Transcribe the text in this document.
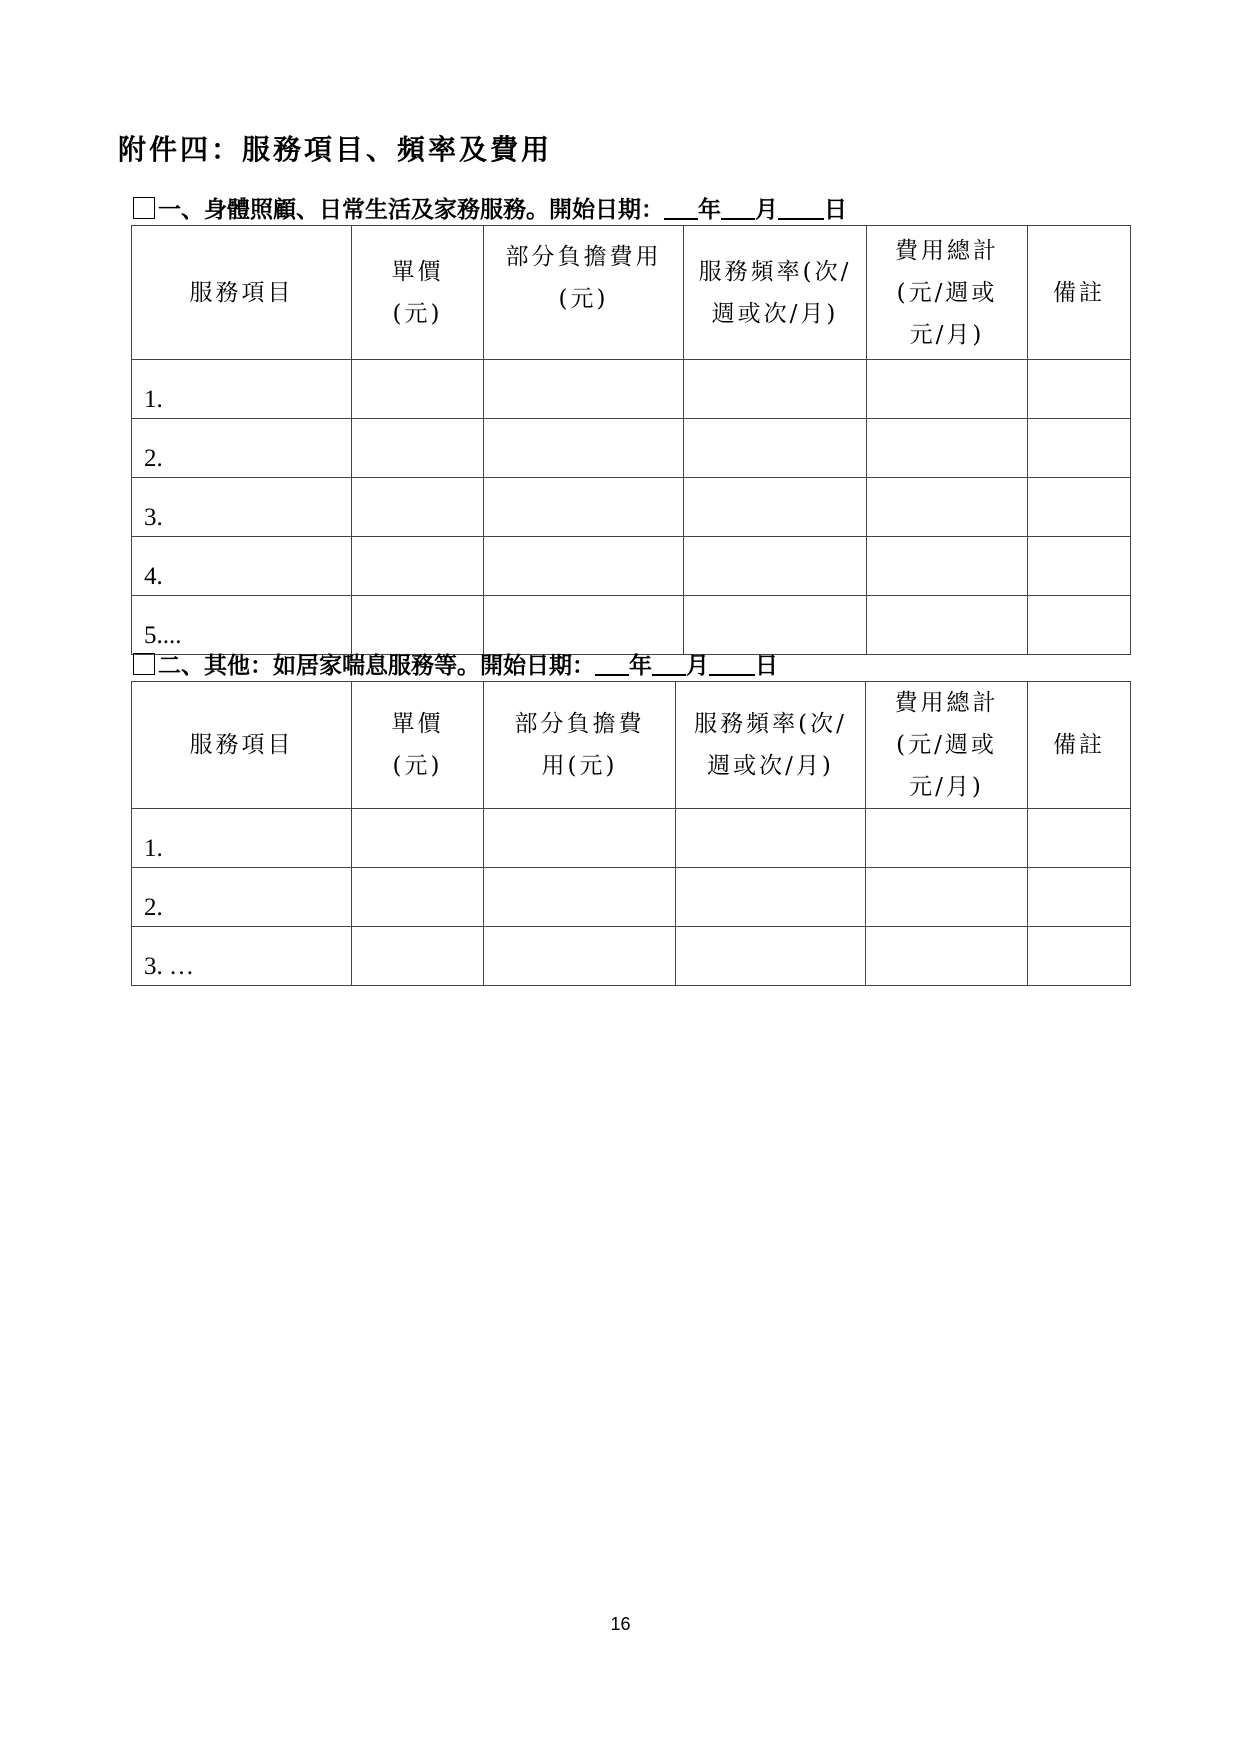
附件四：服務項目、頻率及費用
一、身體照顧、日常生活及家務服務。開始日期： 年 月 日
服務項目	單價(元)	部分負擔費用(元)	服務頻率(次/週或次/月)	費用總計(元/週或元/月)	備註
1.					
2.					
3.					
4.					
5....					
二、其他：如居家喘息服務等。開始日期： 年 月 日
服務項目	單價(元)	部分負擔費用(元)	服務頻率(次/週或次/月)	費用總計(元/週或元/月)	備註
1.					
2.					
3. …					
16
